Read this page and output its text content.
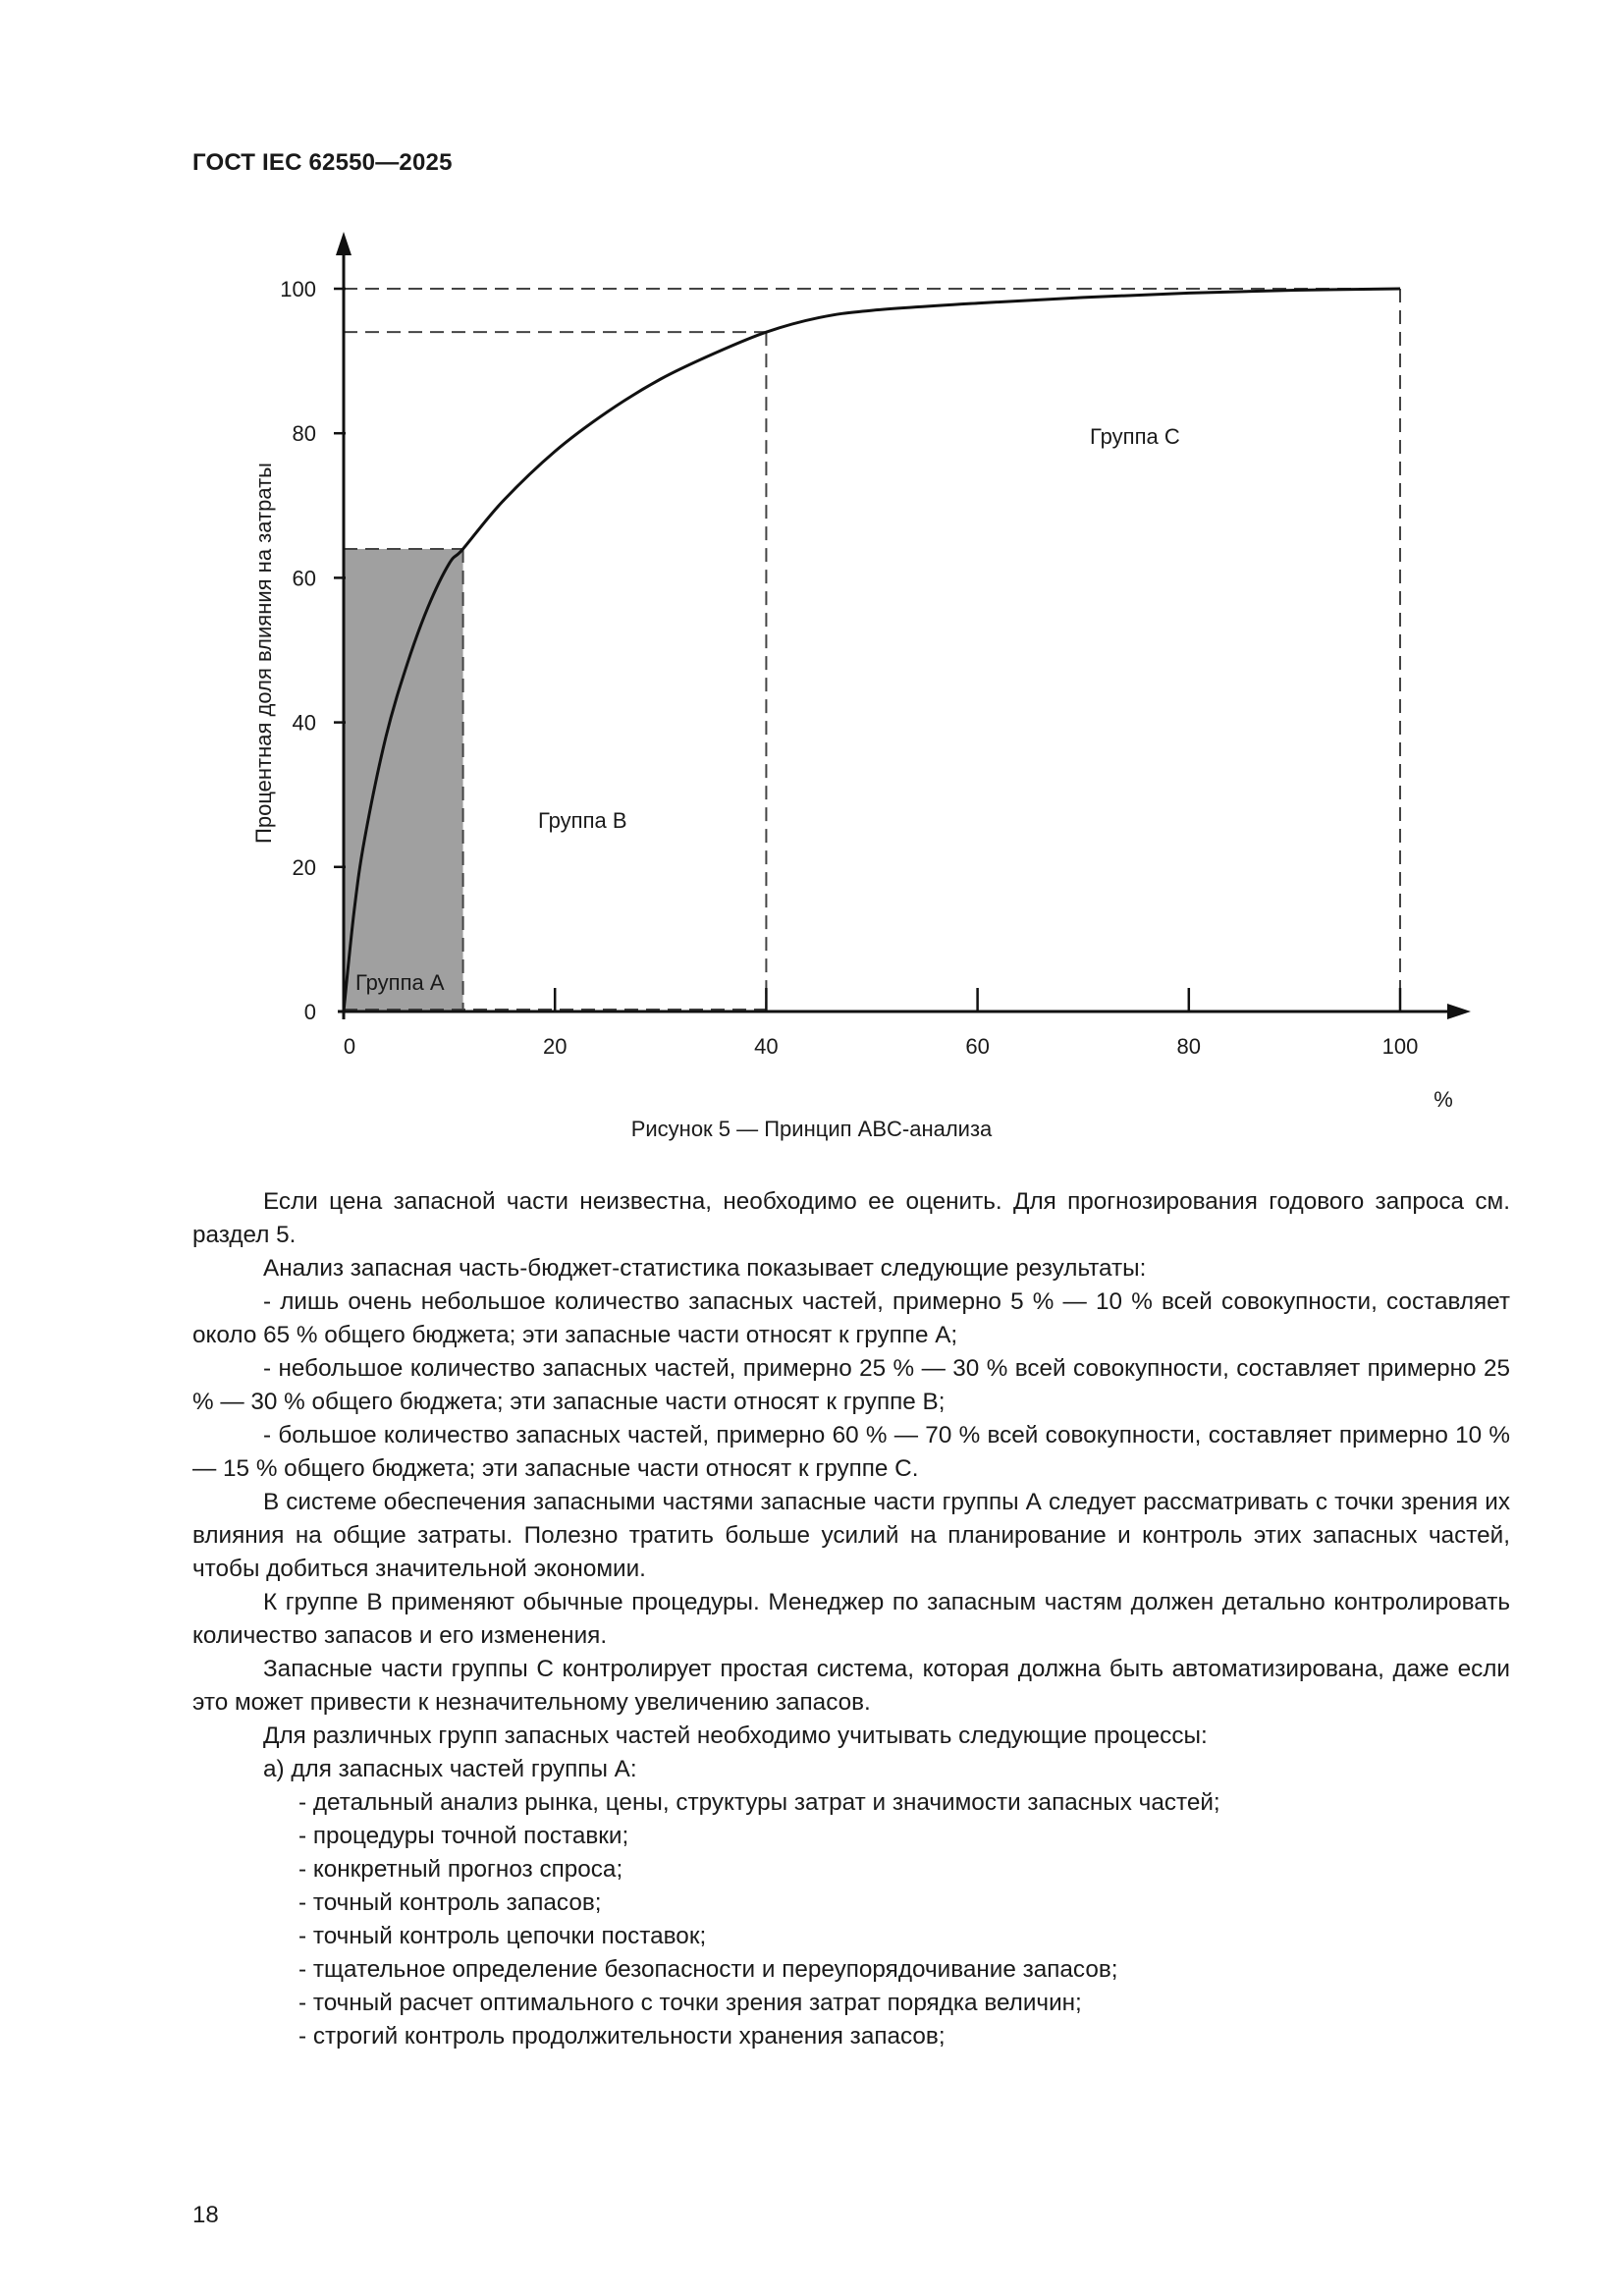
ГОСТ IEC 62550—2025
0
20
40
60
80
100
0	20	40	60	80	100
Группа A
Группа B
Группа C
Процентная доля влияния на затраты
%
Рисунок 5 — Принцип ABC-анализа

Если цена запасной части неизвестна, необходимо ее оценить. Для прогнозирования годового запроса см. раздел 5.

Анализ запасная часть-бюджет-статистика показывает следующие результаты:

- лишь очень небольшое количество запасных частей, примерно 5 % — 10 % всей совокупности, составляет около 65 % общего бюджета; эти запасные части относят к группе А;

- небольшое количество запасных частей, примерно 25 % — 30 % всей совокупности, составляет примерно 25 % — 30 % общего бюджета; эти запасные части относят к группе В;

- большое количество запасных частей, примерно 60 % — 70 % всей совокупности, составляет примерно 10 % — 15 % общего бюджета; эти запасные части относят к группе С.

В системе обеспечения запасными частями запасные части группы А следует рассматривать с точки зрения их влияния на общие затраты. Полезно тратить больше усилий на планирование и контроль этих запасных частей, чтобы добиться значительной экономии.

К группе В применяют обычные процедуры. Менеджер по запасным частям должен детально контролировать количество запасов и его изменения.

Запасные части группы С контролирует простая система, которая должна быть автоматизирована, даже если это может привести к незначительному увеличению запасов.

Для различных групп запасных частей необходимо учитывать следующие процессы:

а) для запасных частей группы А:

- детальный анализ рынка, цены, структуры затрат и значимости запасных частей;

- процедуры точной поставки;

- конкретный прогноз спроса;

- точный контроль запасов;

- точный контроль цепочки поставок;

- тщательное определение безопасности и переупорядочивание запасов;

- точный расчет оптимального с точки зрения затрат порядка величин;

- строгий контроль продолжительности хранения запасов;

18
